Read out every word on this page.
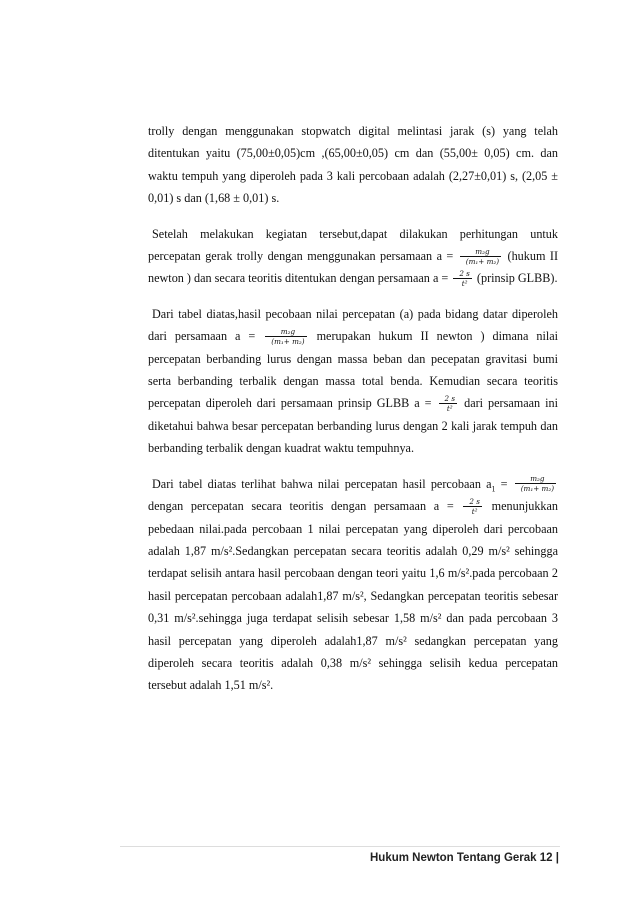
trolly dengan menggunakan stopwatch digital melintasi jarak (s) yang telah ditentukan yaitu (75,00±0,05)cm ,(65,00±0,05) cm dan (55,00± 0,05) cm. dan waktu tempuh yang diperoleh pada 3 kali percobaan adalah (2,27±0,01) s, (2,05 ± 0,01) s dan (1,68 ± 0,01) s.

Setelah melakukan kegiatan tersebut,dapat dilakukan perhitungan untuk percepatan gerak trolly dengan menggunakan persamaan $a = \frac{\text{m₂g}}{\text{(m₁+ m₂)}}$ (hukum II newton ) dan secara teoritis ditentukan dengan persamaan $a = \frac{2 s}{\text{t²}}$ (prinsip GLBB).

Dari tabel diatas,hasil pecobaan nilai percepatan (a) pada bidang datar diperoleh dari persamaan $a = \frac{\text{m₂g}}{\text{(m₁+ m₂)}}$ merupakan hukum II newton ) dimana nilai percepatan berbanding lurus dengan massa beban dan pecepatan gravitasi bumi serta berbanding terbalik dengan massa total benda. Kemudian secara teoritis percepatan diperoleh dari persamaan prinsip GLBB $a = \frac{2 s}{\text{t²}}$ dari persamaan ini diketahui bahwa besar percepatan berbanding lurus dengan 2 kali jarak tempuh dan berbanding terbalik dengan kuadrat waktu tempuhnya.

Dari tabel diatas terlihat bahwa nilai percepatan hasil percobaan $a_1 = \frac{\text{m₂g}}{\text{(m₁+ m₂)}}$
dengan percepatan secara teoritis dengan persamaan $a = \frac{2 s}{\text{t²}}$ menunjukkan pebedaan nilai.pada percobaan 1 nilai percepatan yang diperoleh dari percobaan adalah 1,87 m/s².Sedangkan percepatan secara teoritis adalah 0,29 m/s² sehingga terdapat selisih antara hasil percobaan dengan teori yaitu 1,6 m/s².pada percobaan 2 hasil percepatan percobaan adalah1,87 m/s², Sedangkan percepatan teoritis sebesar 0,31 m/s².sehingga juga terdapat selisih sebesar 1,58 m/s² dan pada percobaan 3 hasil percepatan yang diperoleh adalah1,87 m/s² sedangkan percepatan yang diperoleh secara teoritis adalah 0,38 m/s² sehingga selisih kedua percepatan tersebut adalah 1,51 m/s².

Hukum Newton Tentang Gerak 12 |
